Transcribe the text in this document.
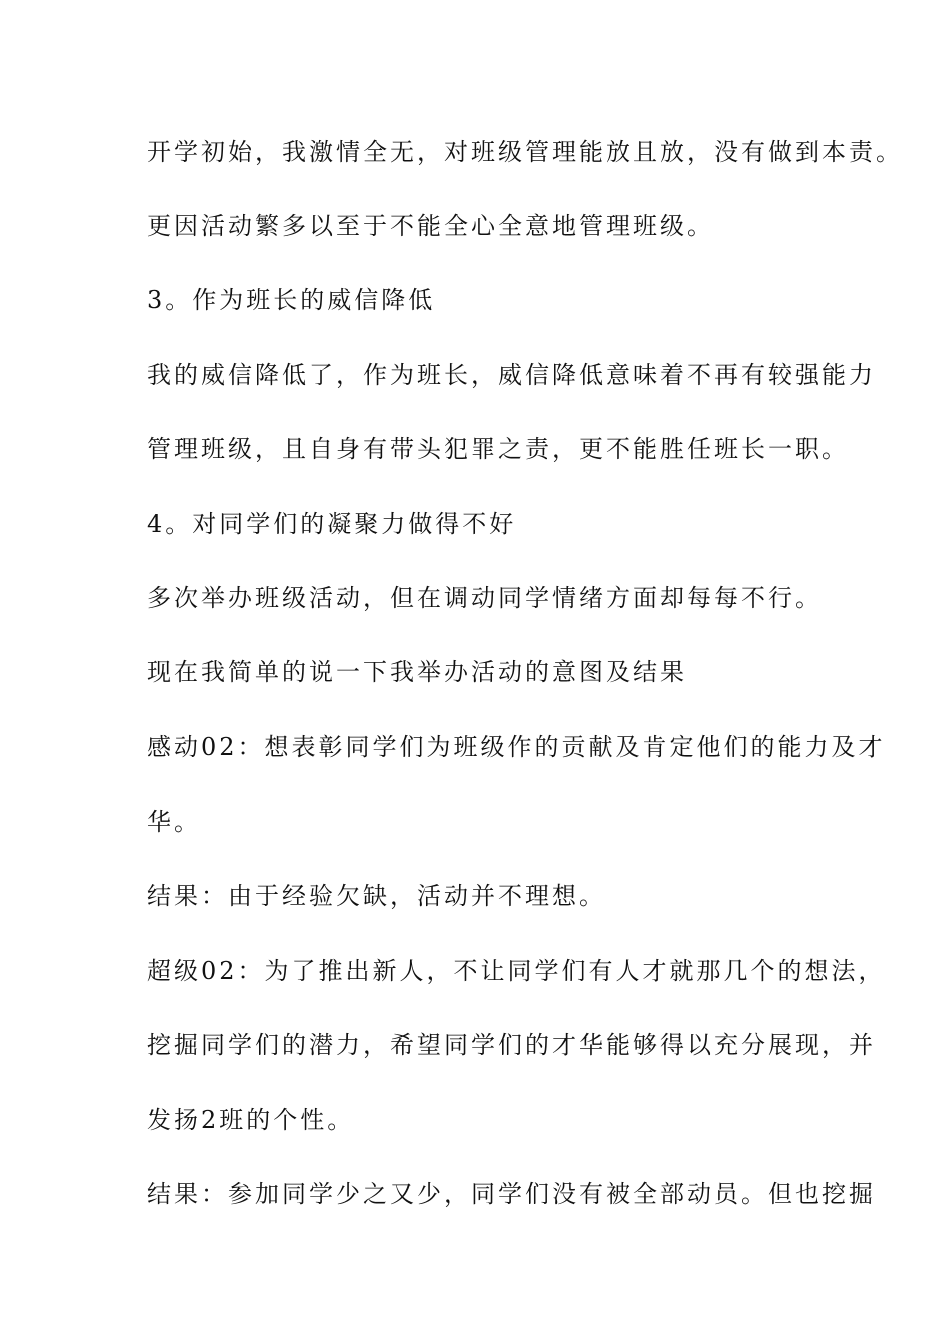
开学初始，我激情全无，对班级管理能放且放，没有做到本责。

更因活动繁多以至于不能全心全意地管理班级。

3。作为班长的威信降低

我的威信降低了，作为班长，威信降低意味着不再有较强能力

管理班级，且自身有带头犯罪之责，更不能胜任班长一职。

4。对同学们的凝聚力做得不好

多次举办班级活动，但在调动同学情绪方面却每每不行。

现在我简单的说一下我举办活动的意图及结果

感动02：想表彰同学们为班级作的贡献及肯定他们的能力及才

华。

结果：由于经验欠缺，活动并不理想。

超级02：为了推出新人，不让同学们有人才就那几个的想法，

挖掘同学们的潜力，希望同学们的才华能够得以充分展现，并

发扬2班的个性。

结果：参加同学少之又少，同学们没有被全部动员。但也挖掘
